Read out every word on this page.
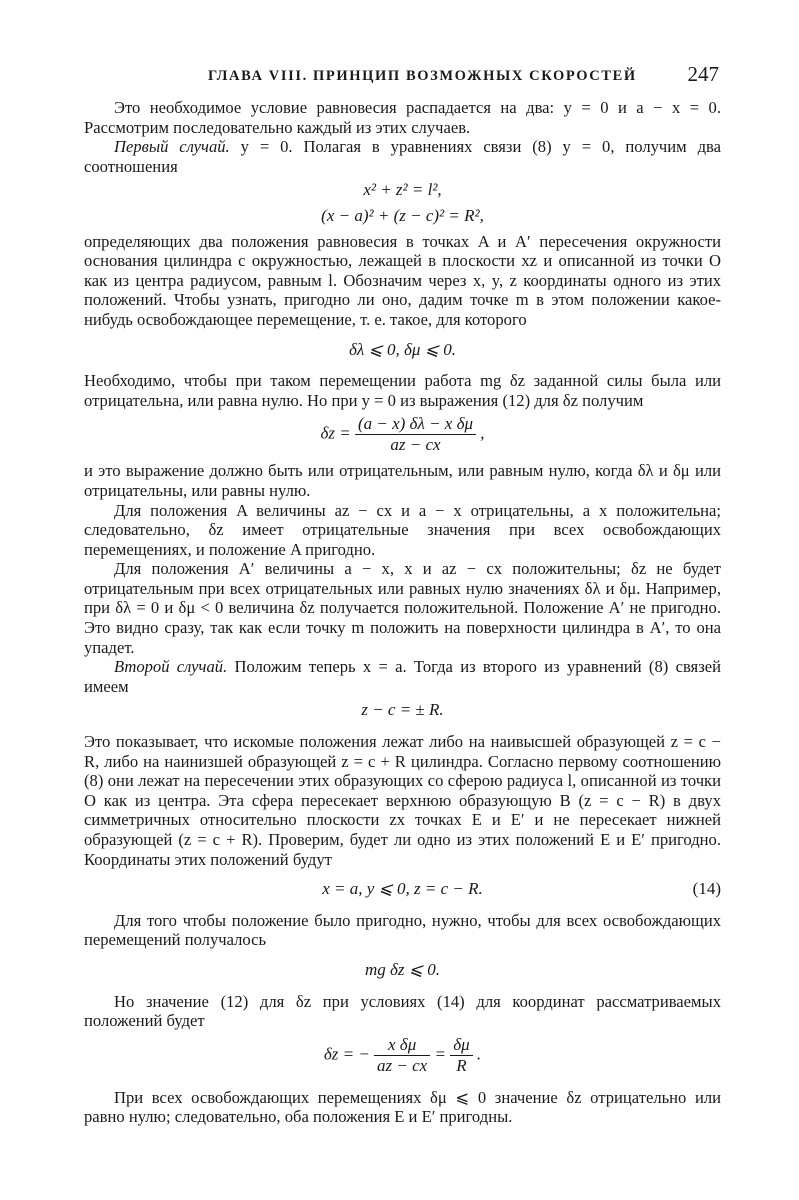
ГЛАВА VIII. ПРИНЦИП ВОЗМОЖНЫХ СКОРОСТЕЙ 247

Это необходимое условие равновесия распадается на два: y = 0 и a − x = 0. Рассмотрим последовательно каждый из этих случаев.

Первый случай. y = 0. Полагая в уравнениях связи (8) y = 0, получим два соотношения

x² + z² = l²,
(x − a)² + (z − c)² = R²,

определяющих два положения равновесия в точках A и A′ пересечения окружности основания цилиндра с окружностью, лежащей в плоскости xz и описанной из точки O как из центра радиусом, равным l. Обозначим через x, y, z координаты одного из этих положений. Чтобы узнать, пригодно ли оно, дадим точке m в этом положении какое-нибудь освобождающее перемещение, т. е. такое, для которого

δλ ⩽ 0, δμ ⩽ 0.

Необходимо, чтобы при таком перемещении работа mg δz заданной силы была или отрицательна, или равна нулю. Но при y = 0 из выражения (12) для δz получим

$\delta z = \frac{\text{(a − x) δλ − x δμ}}{az - cx}$ ,

и это выражение должно быть или отрицательным, или равным нулю, когда δλ и δμ или отрицательны, или равны нулю.

Для положения A величины az − cx и a − x отрицательны, а x положительна; следовательно, δz имеет отрицательные значения при всех освобождающих перемещениях, и положение A пригодно.

Для положения A′ величины a − x, x и az − cx положительны; δz не будет отрицательным при всех отрицательных или равных нулю значениях δλ и δμ. Например, при δλ = 0 и δμ < 0 величина δz получается положительной. Положение A′ не пригодно. Это видно сразу, так как если точку m положить на поверхности цилиндра в A′, то она упадет.

Второй случай. Положим теперь x = a. Тогда из второго из уравнений (8) связей имеем

z − c = ± R.

Это показывает, что искомые положения лежат либо на наивысшей образующей z = c − R, либо на наинизшей образующей z = c + R цилиндра. Согласно первому соотношению (8) они лежат на пересечении этих образующих со сферою радиуса l, описанной из точки O как из центра. Эта сфера пересекает верхнюю образующую B (z = c − R) в двух симметричных относительно плоскости zx точках E и E′ и не пересекает нижней образующей (z = c + R). Проверим, будет ли одно из этих положений E и E′ пригодно. Координаты этих положений будут

x = a, y ⩽ 0, z = c − R.	(14)

Для того чтобы положение было пригодно, нужно, чтобы для всех освобождающих перемещений получалось

mg δz ⩽ 0.

Но значение (12) для δz при условиях (14) для координат рассматриваемых положений будет

δz = − $\frac{\text{x δμ}}{az - cx} = \frac{\delta\mu}{R}$ .

При всех освобождающих перемещениях δμ ⩽ 0 значение δz отрицательно или равно нулю; следовательно, оба положения E и E′ пригодны.
